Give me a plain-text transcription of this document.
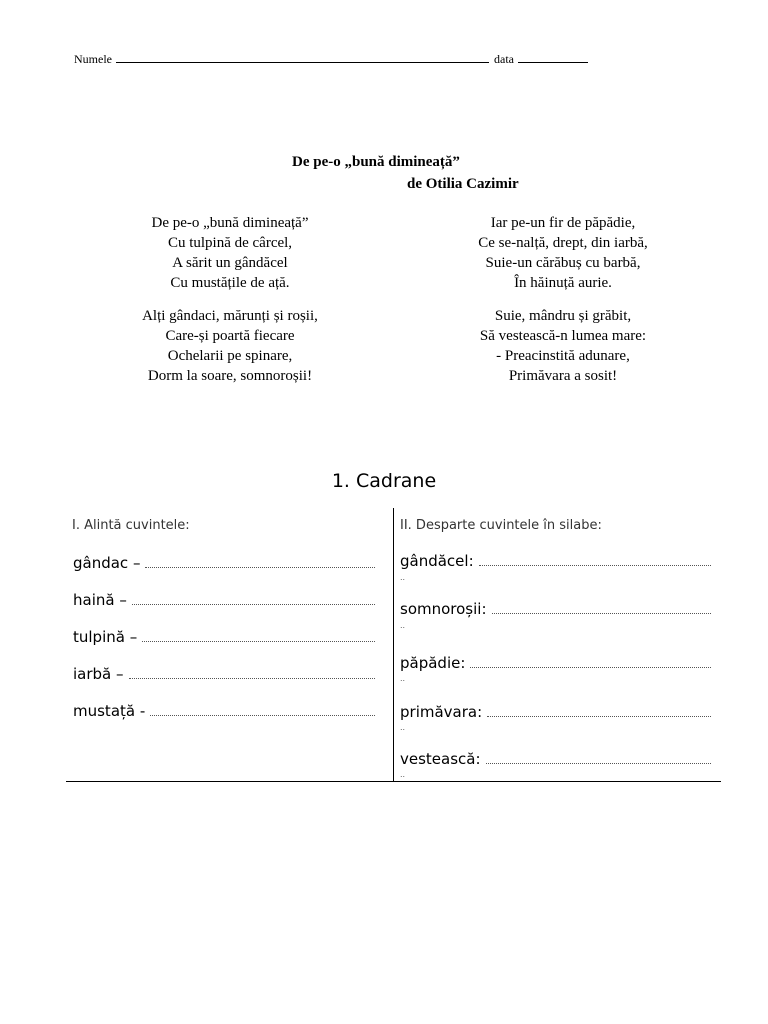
Numele	data
De pe-o „bună dimineață”
de Otilia Cazimir
De pe-o „bună dimineață”
Cu tulpină de cârcel,
A sărit un gândăcel
Cu mustățile de ață.
Alți gândaci, mărunți și roșii,
Care-și poartă fiecare
Ochelarii pe spinare,
Dorm la soare, somnoroșii!
Iar pe-un fir de păpădie,
Ce se-nalță, drept, din iarbă,
Suie-un cărăbuș cu barbă,
În hăinuță aurie.
Suie, mândru și grăbit,
Să vestească-n lumea mare:
- Preacinstită adunare,
Primăvara a sosit!
1. Cadrane
I. Alintă cuvintele:	II. Desparte cuvintele în silabe:
gândac –
haină –
tulpină –
iarbă –
mustață -
gândăcel:
..
somnoroșii:
..
păpădie:
..
primăvara:
..
vestească:
..
